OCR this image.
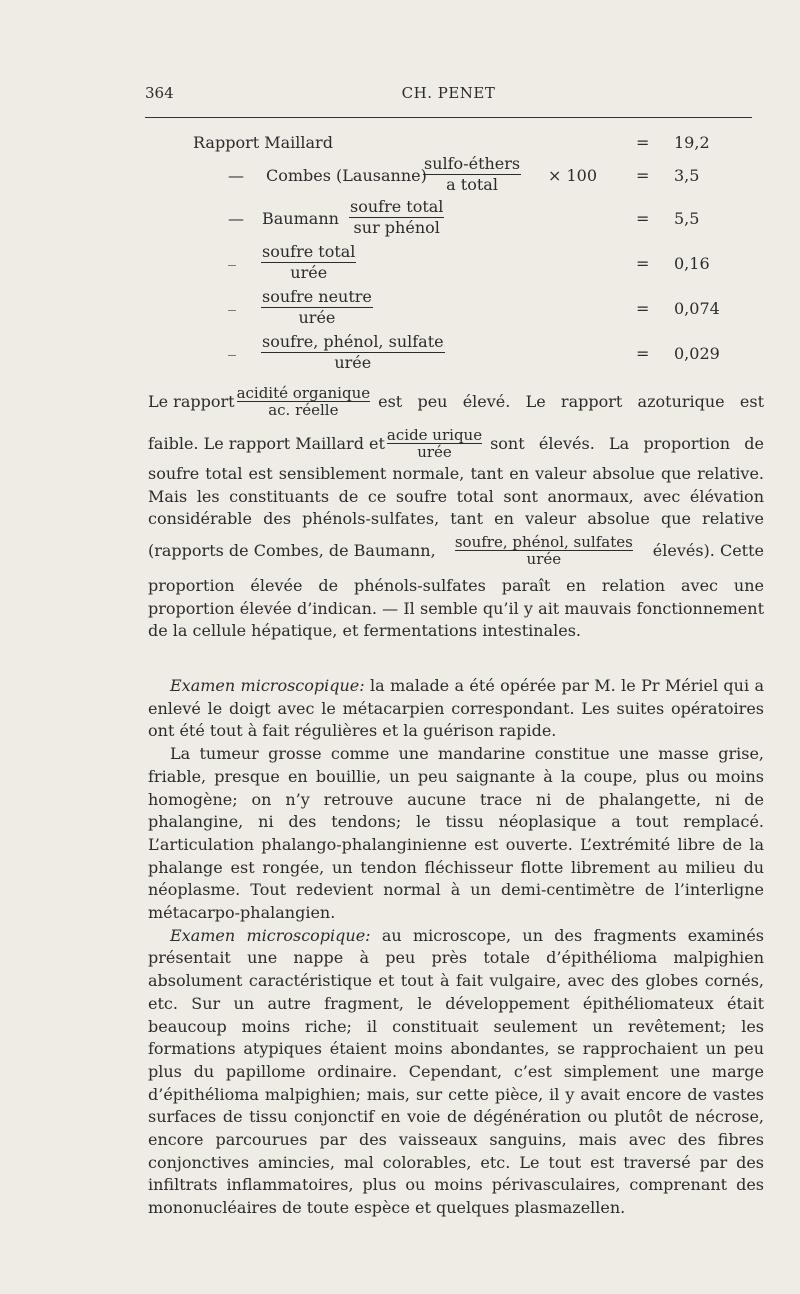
364	CH. PENET
Rapport Maillard	= 19,2
— Combes (Lausanne)
sulfo-éthers
a total	× 100 = 3,5
— Baumann
soufre total
sur phénol	= 5,5
_ soufre total
urée	= 0,16
_ soufre neutre
urée	= 0,074
_ soufre, phénol, sulfate
urée	= 0,029
Le rapport $\frac{\text{acidité organique}}{\text{ac. réelle}}$ est peu élevé. Le rapport azoturique est
faible. Le rapport Maillard et $\frac{\text{acide urique}}{\text{urée}}$ sont élevés. La proportion de

soufre total est sensiblement normale, tant en valeur absolue que relative. Mais les constituants de ce soufre total sont anormaux, avec élévation considérable des phénols-sulfates, tant en valeur absolue que relative

(rapports de Combes, de Baumann, $\frac{\text{soufre, phénol, sulfates}}{\text{urée}}$ élevés). Cette

proportion élevée de phénols-sulfates paraît en relation avec une proportion élevée d’indican. — Il semble qu’il y ait mauvais fonctionnement de la cellule hépatique, et fermentations intestinales.

Examen microscopique: la malade a été opérée par M. le Pr Mériel qui a enlevé le doigt avec le métacarpien correspondant. Les suites opératoires ont été tout à fait régulières et la guérison rapide.

La tumeur grosse comme une mandarine constitue une masse grise, friable, presque en bouillie, un peu saignante à la coupe, plus ou moins homogène; on n’y retrouve aucune trace ni de phalangette, ni de phalangine, ni des tendons; le tissu néoplasique a tout remplacé. L’articulation phalango-phalanginienne est ouverte. L’extrémité libre de la phalange est rongée, un tendon fléchisseur flotte librement au milieu du néoplasme. Tout redevient normal à un demi-centimètre de l’interligne métacarpo-phalangien.

Examen microscopique: au microscope, un des fragments examinés présentait une nappe à peu près totale d’épithélioma malpighien absolument caractéristique et tout à fait vulgaire, avec des globes cornés, etc. Sur un autre fragment, le développement épithéliomateux était beaucoup moins riche; il constituait seulement un revêtement; les formations atypiques étaient moins abondantes, se rapprochaient un peu plus du papillome ordinaire. Cependant, c’est simplement une marge d’épithélioma malpighien; mais, sur cette pièce, il y avait encore de vastes surfaces de tissu conjonctif en voie de dégénération ou plutôt de nécrose, encore parcourues par des vaisseaux sanguins, mais avec des fibres conjonctives amincies, mal colorables, etc. Le tout est traversé par des infiltrats inflammatoires, plus ou moins périvasculaires, comprenant des mononucléaires de toute espèce et quelques plasmazellen.
